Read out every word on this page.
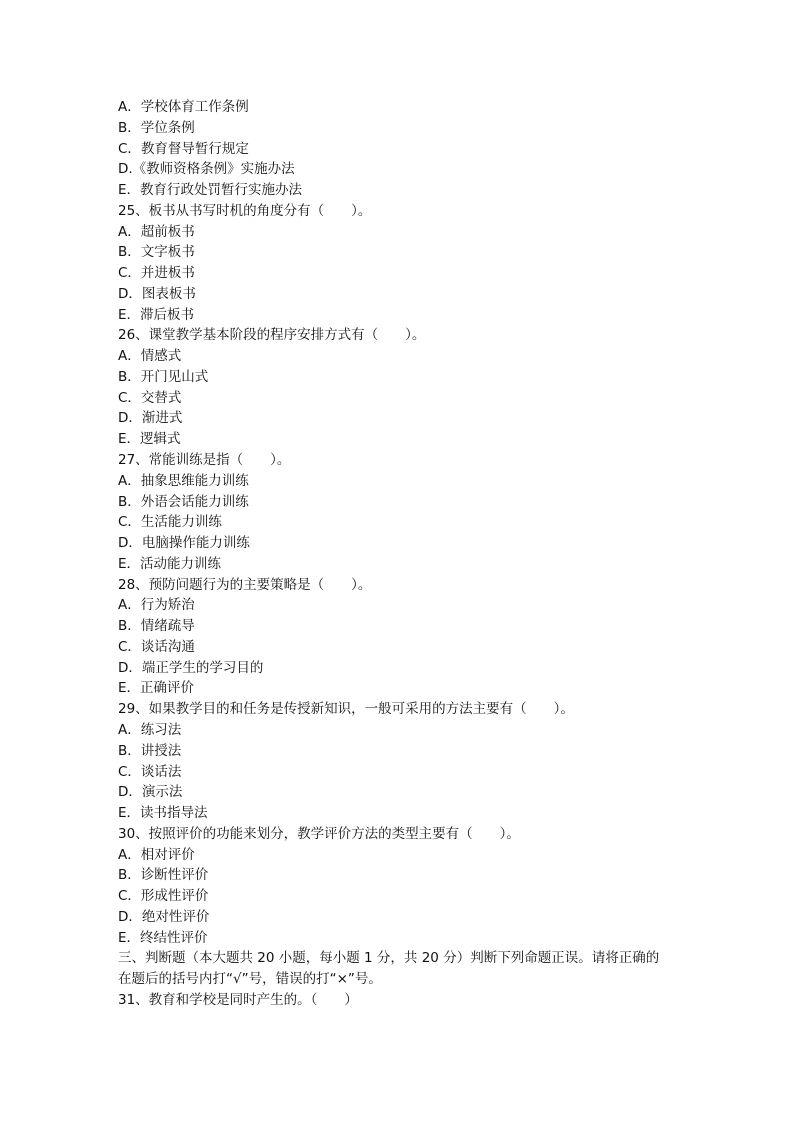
A．学校体育工作条例
B．学位条例
C．教育督导暂行规定
D.《教师资格条例》实施办法
E．教育行政处罚暂行实施办法
25、板书从书写时机的角度分有（　　）。
A．超前板书
B．文字板书
C．并进板书
D．图表板书
E．滞后板书
26、课堂教学基本阶段的程序安排方式有（　　）。
A．情感式
B．开门见山式
C．交替式
D．渐进式
E．逻辑式
27、常能训练是指（　　）。
A．抽象思维能力训练
B．外语会话能力训练
C．生活能力训练
D．电脑操作能力训练
E．活动能力训练
28、预防问题行为的主要策略是（　　）。
A．行为矫治
B．情绪疏导
C．谈话沟通
D．端正学生的学习目的
E．正确评价
29、如果教学目的和任务是传授新知识，一般可采用的方法主要有（　　）。
A．练习法
B．讲授法
C．谈话法
D．演示法
E．读书指导法
30、按照评价的功能来划分，教学评价方法的类型主要有（　　）。
A．相对评价
B．诊断性评价
C．形成性评价
D．绝对性评价
E．终结性评价
三、判断题（本大题共 20 小题，每小题 1 分，共 20 分）判断下列命题正误。请将正确的
在题后的括号内打“√”号，错误的打“×”号。
31、教育和学校是同时产生的。（　　）
